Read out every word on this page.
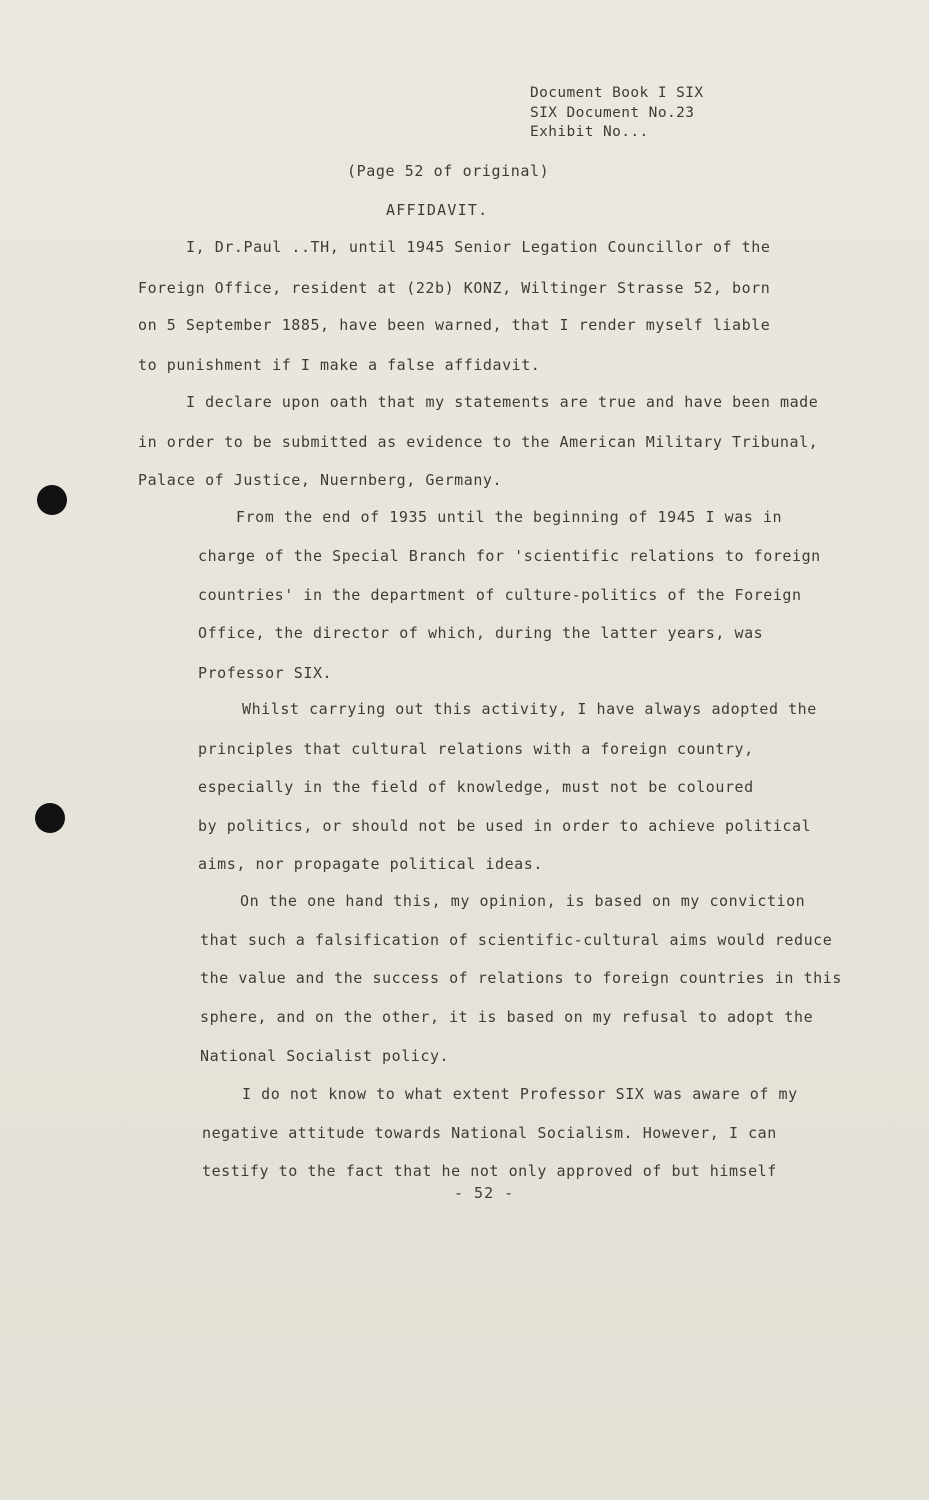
Document Book I SIX
SIX Document No.23
Exhibit No...
(Page 52 of original)
AFFIDAVIT.
I, Dr.Paul ..TH, until 1945 Senior Legation Councillor of the
Foreign Office, resident at (22b) KONZ, Wiltinger Strasse 52, born
on 5 September 1885, have been warned, that I render myself liable
to punishment if I make a false affidavit.
I declare upon oath that my statements are true and have been made
in order to be submitted as evidence to the American Military Tribunal,
Palace of Justice, Nuernberg, Germany.
From the end of 1935 until the beginning of 1945 I was in
charge of the Special Branch for 'scientific relations to foreign
countries' in the department of culture-politics of the Foreign
Office, the director of which, during the latter years, was
Professor SIX.
Whilst carrying out this activity, I have always adopted the
principles that cultural relations with a foreign country,
especially in the field of knowledge, must not be coloured
by politics, or should not be used in order to achieve political
aims, nor propagate political ideas.
On the one hand this, my opinion, is based on my conviction
that such a falsification of scientific-cultural aims would reduce
the value and the success of relations to foreign countries in this
sphere, and on the other, it is based on my refusal to adopt the
National Socialist policy.
I do not know to what extent Professor SIX was aware of my
negative attitude towards National Socialism. However, I can
testify to the fact that he not only approved of but himself
- 52 -
